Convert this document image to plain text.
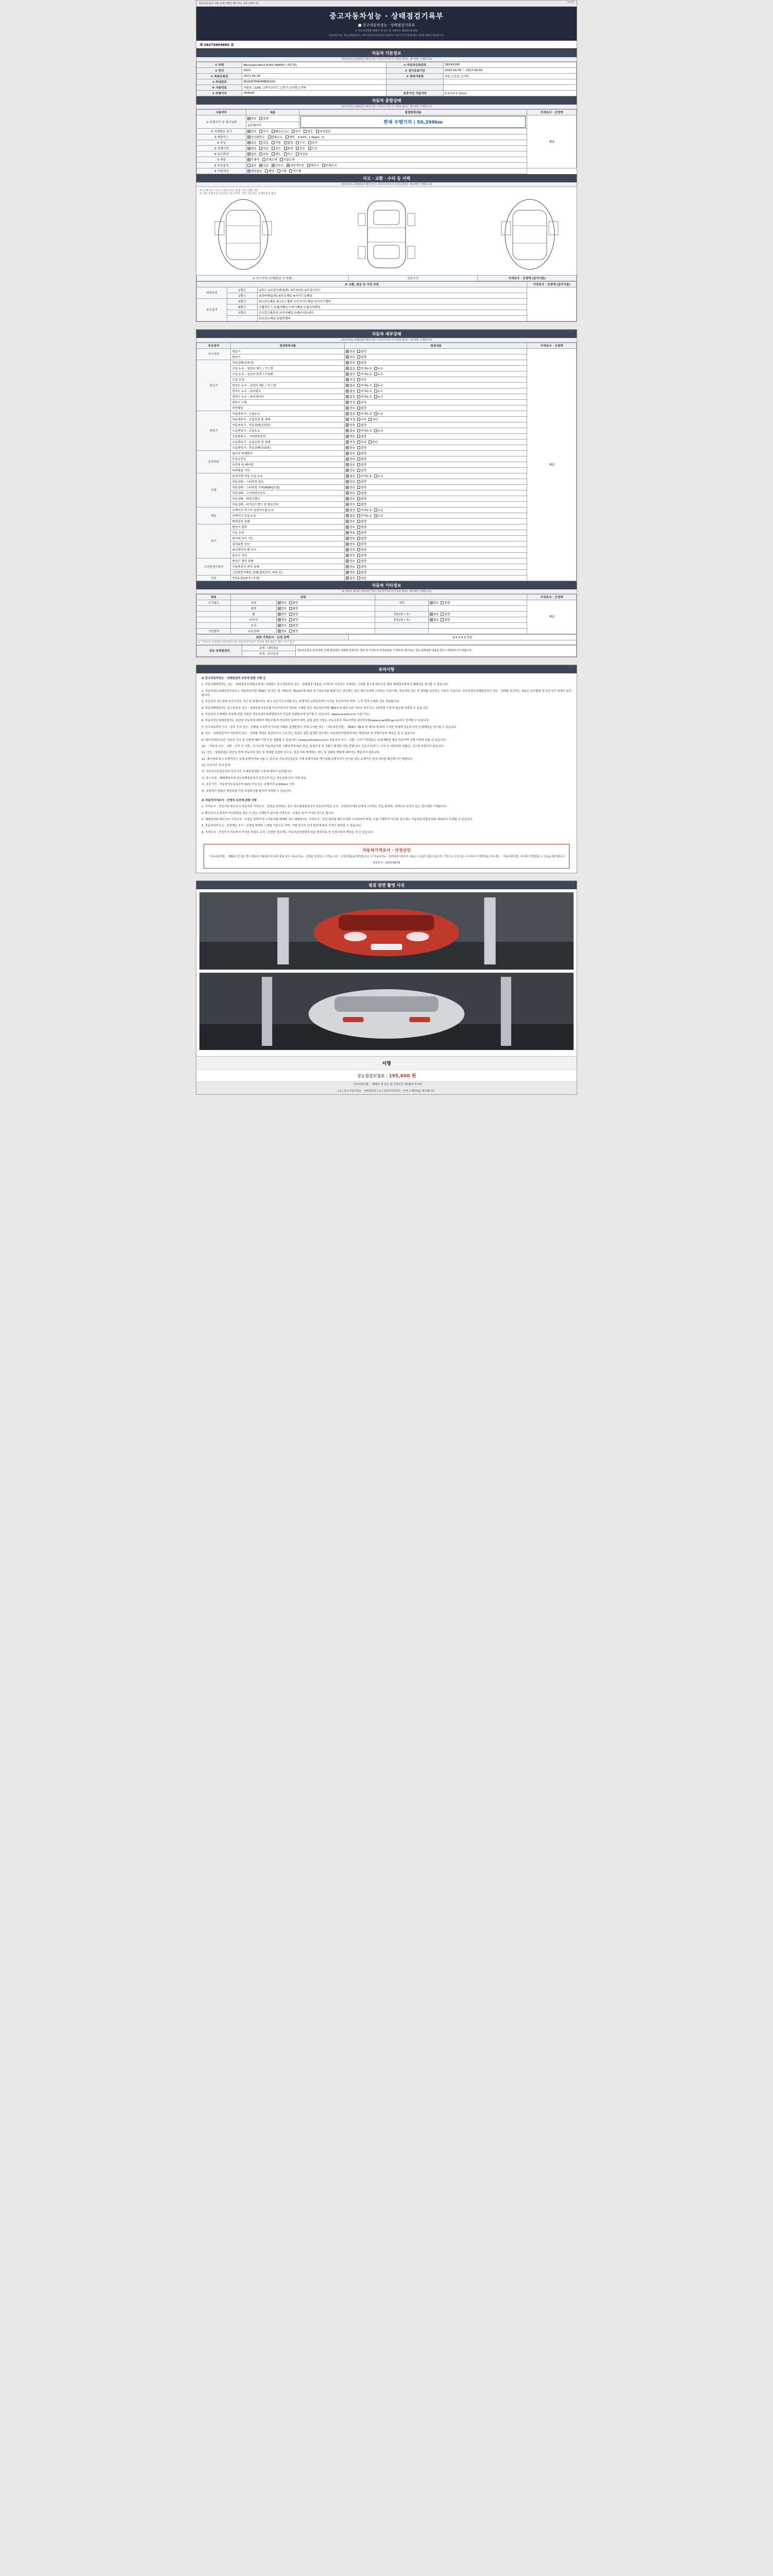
(1/4쪽)
자동차등록증 사본 포함 (해당 페이지는 1쪽 1페이지)
중고자동차성능 · 상태점검기록부
■ 중고자동차성능 · 상태점검기록부
※ 자동차관리법 제58조 및 같은 법 시행규칙 제120조에 따라
자동차인도일: 성능상태점검자는 매수인에게 자동차인도일로부터 보증기간 이내 발생한 고장에 대하여 책임집니다.
제 26273654665 호
자동차 기본정보
(자동차성능·상태점검자 확인사항 / 자동차가격조사·산정을 원하는 경우에만 기재합니다)
① 차명	Mercedes-Benz E350 4MATIC (세단형)	② 자동차등록번호	38XX0295
③ 연식	2021	④ 검사유효기간	2025-06-05 ~ 2027-06-05
⑤ 최초등록일	2021-04-26	⑥ 변속기종류	자동 □수동 □기타
⑦ 차대번호	W1KZF0DB4MB95100		
⑧ 사용연료	가솔린 □LPG □하이브리드 □전기 □디젤 □기타		
⑨ 주행거리	264000	보증기간 기준거리	0 0 0 0 0 일/km
자동차 종합상태
(자동차성능·상태점검자 확인사항 / 자동차가격조사·산정을 원하는 경우에만 기재합니다)
사용여부	내용	점검항목내용	가격조사 · 산정액
① 주행거리 및 계기상태	양호 불량	현재 주행거리 | 59,399km	해당
	실주행거리		
② 차대번호 표기	양호 부식 훼손(오손) 상이 변조 타각없음		
③ 배출가스	일산화탄소 탄화수소 매연 0.02%, 1.0ppm, %		
④ 튜닝	없음 있음 적법 불법 구조 장치		
⑤ 특별이력	없음 있음 침수 화재 전손 도난		
⑥ 용도변경	없음 있음 렌트 리스 영업용		
⑦ 색상	무채색 전체도색 부분도색		
⑧ 주요옵션	없음 있음 선루프 내비게이션 제조사 비제조사		
⑨ 리콜대상	해당없음 해당 이행 미이행		
사고 · 교환 · 수리 등 이력
(자동차성능·상태점검자 확인사항 / 자동차가격조사·산정을 원하는 경우에만 기재합니다)
※ (교체 표시 주요 ) (판금 또는 용접 : X) (교환 : O)
※ 하단 상세부분 상호위치 표시이며, 기타 자동차는 상세부분을 참조
※ 사고이력 (교체/판금 등 부품)	단순수리	가격조사 · 산정액 (감가기준)
※ 교환, 판금 등 이상 부위			가격조사 · 산정액 (감가기준)
외판부위	1랭크	①후드 ②프론트펜더(좌) ③도어(좌) ④트렁크리드	
	2랭크	⑤쿼터패널(좌) ⑥루프패널 ⑧사이드실패널	
주요골격	A랭크	⑨프론트패널 ⑩크로스멤버 ⑪인사이드패널 ⑫사이드멤버	
	B랭크	⑬휠하우스 ⑭필러패널 ⑮대시패널 ⑯플로어패널	
	C랭크	⑰트렁크플로어 ⑱리어패널 ⑲패키지트레이	
		⑳프론트패널 ㉑옆면멤버	
(2/4쪽)
자동차 세부상태
(자동차성능·상태점검자 확인사항 / 자동차가격조사·산정을 원하는 경우에만 기재합니다)
주요장치	점검항목내용	점검내용	가격조사 · 산정액
자기진단	원동기	양호 불량	해당
	변속기	양호 불량	
원동기	작동상태(공회전)	양호 불량	
	오일 누유 - 실린더 헤드 / 가스켓	없음 미세누유 누유	
	오일 누유 - 실린더 블록 / 오일팬	없음 미세누유 누유	
	오일 유량	적정 부족	
	냉각수 누수 - 실린더 헤드 / 가스켓	없음 미세누수 누수	
	냉각수 누수 - 워터펌프	없음 미세누수 누수	
	냉각수 누수 - 라디에이터	없음 미세누수 누수	
	냉각수 수량	적정 부족	
	커먼레일	양호 불량	
변속기	자동변속기 - 오일누유	없음 미세누유 누유	
	자동변속기 - 오일유량 및 상태	적정 부족 과다	
	자동변속기 - 작동상태(공회전)	양호 불량	
	수동변속기 - 오일누유	없음 미세누유 누유	
	수동변속기 - 기어변속장치	양호 불량	
	수동변속기 - 오일유량 및 상태	적정 부족 과다	
	수동변속기 - 작동상태(공회전)	양호 불량	
동력전달	클러치 어셈블리	양호 불량	
	등속조인트	양호 불량	
	추진축 및 베어링	양호 불량	
	디퍼렌셜 기어	양호 불량	
조향	동력조향 작동 오일 누유	없음 미세누유 누유	
	작동상태 - 스티어링 펌프	양호 불량	
	작동상태 - 스티어링 기어(MDPS포함)	양호 불량	
	작동상태 - 스티어링조인트	양호 불량	
	작동상태 - 파워크랭크	양호 불량	
	작동상태 - 타이로드엔드 및 볼조인트	양호 불량	
제동	브레이크 마스터 실린더오일 누유	없음 미세누유 누유	
	브레이크 오일 누유	없음 미세누유 누유	
	배력장치 상태	양호 불량	
전기	발전기 출력	양호 불량	
	시동 모터	양호 불량	
	와이퍼 모터 기능	양호 불량	
	실내송풍 모터	양호 불량	
	라디에이터 팬 모터	양호 불량	
	윈도우 모터	양호 불량	
고전원전기장치	충전구 절연 상태	양호 불량	
	구동축전지 격리 상태	양호 불량	
	고전원전기배선 상태(접속단자, 피복 등)	양호 불량	
연료	연료누출(LP가스포함)	없음 있음	
자동차 기타정보
(※ 항목을 체크한 자동차만 기재 / 자동차가격조사·산정을 원하는 경우에만 기재합니다)
항목	상태				가격조사 · 산정액
수리필요	외장	양호 불량	내장	양호 불량	해당
	광택	양호 불량			
	휠	양호 불량	전륜(좌 / 우)	양호 불량	
	타이어	양호 불량	후륜(좌 / 우)	양호 불량	
	유리	양호 불량			
기본품목	보유상태	양호 불량			
최종 가격조사 · 산정 금액	0 0 0 0 0 만원
※ 가격조사·산정액의 세부평가내용 자동차가격조사·산정액 세부내용은 별도 서식 참조
성능·상태점검자	금액 · 내역정보	자동차등록증 등에 따른 실제 점검결과 상태와 점검자의 정보 및 가격조사·산정결과를 기재하며, 매수인은 성능·상태점검 내용을 반드시 확인하시기 바랍니다.
가격 · 조사산정
(3/4쪽)
유의사항

※ 중고자동차성능 · 상태점검의 보증에 관한 사항 등

1. 자동차매매업자는 성능 · 상태점검자에게(소비자) 거래되는 중고자동차의 성능 · 상태점검 내용을 고지하지 아니하고 거래되는 고지할 경우에 매수인은 해당 매매업자에게 손해배상을 청구할 수 있습니다.

2. 자동차성능상태점검기록부는 자동차관리법 제58조 및 같은 법 시행규칙 제120조에 따라 중고자동차를 매매 또는 알선하는 경우 매수인에게 고지하는 서류이며, 자동차의 성능 및 상태를 보증하는 서류가 아닙니다. 자동차성능상태점검자가 성능 · 상태를 보증하는 내용은 보증범위 및 보증기간 내에서 보증합니다.

3. 자동차의 성능상태 보증기간은 기간 및 주행거리는 최소 보증기간 1개월 또는 주행거리 2천킬로미터 이상을 보증하여야 하며, 그 중 먼저 도래한 것을 적용합니다.

4. 자동차매매업자는 중고자동차 성능 · 상태점검기록부를 미교부하거나 허위로 기재한 경우 자동차관리법 제80조에 따라 2년 이하의 징역 또는 2천만원 이하의 벌금에 처해질 수 있습니다.

5. 자동차의 손해배상 보장에 관한 사항은 자동차성능상태점검자가 가입한 보험회사에 청구할 수 있습니다. (www.carinfo.or.kr 조회 가능)

6. 자동차성능상태점검자는 점검한 자동차에 대하여 책임보험에 가입되어 있어야 하며, 보험 관련 사항은 국토교통부 자동차민원 대국민포털(www.ecar365.go.kr)에서 검색할 수 있습니다.

7. 중고자동차의 구조 · 장치 등의 성능 · 상태를 고지하지 아니한 거래로 분쟁발생시 거래 고지한 자는 「자동차관리법」 제58조 제5호 및 제7호에 따라 고지한 자에게 자동차 관련 손해배상을 청구할 수 있습니다.

8. 성능 · 상태점검자가 자동차의 성능 · 상태를 허위로 점검하거나 고의 또는 과실로 잘못 점검한 경우에는 자동차관리법령에 따른 행정처분 및 민형사상의 책임을 질 수 있습니다.

9. 매수인(매도인)은 다음의 사고 및 사항에 대한 이력 등을 열람할 수 있습니다. (www.carhistory.or.kr) 자동차의 사고 · 교환 · 수리 이력정보는 보험개발원 제공 자료이며 실제 이력과 다를 수 있습니다.

10. 「자동차 사고 · 교환 · 수리 등 이력」의 사고란 자동차관리법 시행규칙에 따른 판금, 용접수리 및 교환이 발생한 것을 말합니다. 단순수리(후드, 도어 등 외판부위 교환)는 사고에 포함되지 않습니다.

11. 성능 · 상태점검은 점검일 현재 자동차의 성능 및 상태를 점검한 것으로, 점검 이후 발생하는 성능 및 상태의 변화에 대하여는 책임지지 않습니다.

12. 계기상태 표시 주행거리는 실제 주행거리와 다를 수 있으며, 자동차등록원부 기재 주행거리와 계기상태 주행거리가 상이한 경우 주행거리 변경 여부를 확인하시기 바랍니다.

13. 보증기간 등의 안내

가. 자동차인도일로부터 보증기간 이내에 발생한 고장에 대하여 보증합니다.

나. 표시사항 : 매매계약서에 성능상태점검자의 보증수리 또는 성능상태 보증 이행 내용

다. 보증기간 : 자동차인도일로부터 30일 이상 또는 주행거리 2,000km 이상

라. 보험처리 방법은 책임보험 가입 보험회사를 통하여 처리할 수 있습니다.

※ 자동차가격조사 · 산정의 보증에 관한 사항

1. 가격조사 · 산정이란 매수인이 자동차의 가격조사 · 산정을 의뢰하는 경우 성능상태점검자가 자동차가격을 조사 · 산정하여 매수인에게 고지하는 것을 말하며, 의뢰인의 요청이 있는 경우에만 기재합니다.

① 매수인이 요청하지 아니하였을 경우 이 난은 기재하지 않으며 가격조사 · 산정을 하지 아니한 것으로 봅니다.

2. 매매업자와 매수인이 가격조사 · 산정을 통하여 중고자동차를 매매할 경우 매매업자는 가격조사 · 산정 결과를 매수인에게 고지하여야 하며, 이를 이행하지 아니한 경우에는 자동차관리법에 따라 과태료가 부과될 수 있습니다.

3. 자동차가격조사 · 산정액은 조사 · 산정일 현재의 시세를 기준으로 하며, 거래 당사자 간의 합의에 따라 가격이 달라질 수 있습니다.

4. 가격조사 · 산정자가 자동차의 가격을 허위로 조사 · 산정한 경우에는 자동차관리법령에 따른 행정처분 및 민형사상의 책임을 질 수 있습니다.

자동차가격조사 · 산정선언
「자동차관리법」 제58조 및 같은 법 시행규칙 제120조에 따라 위와 같이 자동차성능 · 상태를 점검하고 가격을 조사 · 산정하였음을 확인합니다. 이 자동차성능 · 상태점검기록부의 내용은 사실과 다름이 없으며, 거짓으로 산정 또는 조사하여 기재하였을 경우에는 「자동차관리법」에 따라 처벌받을 수 있음을 확인합니다.
점검일자 : 2025-06-05
(4/4쪽)
점검 장면 촬영 사진
서명
성능점검보험료 : 195,600 원
「자동차관리법」 제58조 및 같은 법 시행규칙 제120조에 따라
[ 1 ] 중고자동차성능 · 상태점검자 [ 2 ] 자동차가격조사 · 산정 1 해당없음 확인됩니다.
